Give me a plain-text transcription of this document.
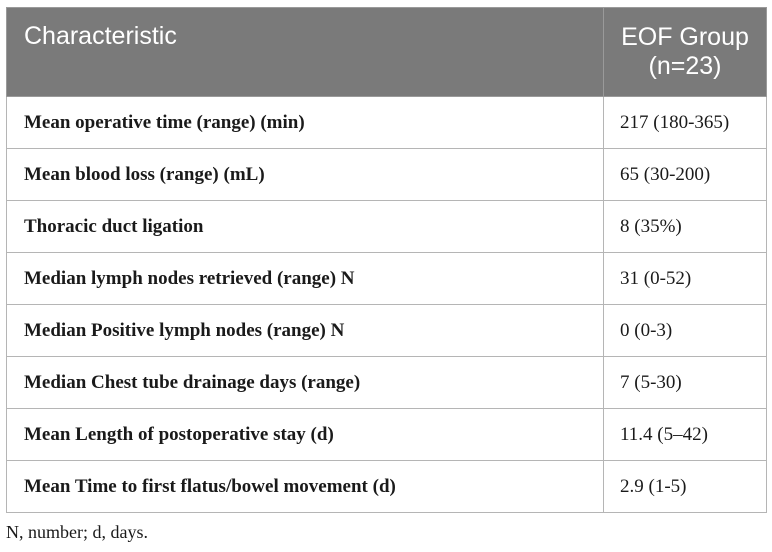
Characteristic	EOF Group
(n=23)

Mean operative time (range) (min)	217 (180-365)
Mean blood loss (range) (mL)	65 (30-200)
Thoracic duct ligation	8 (35%)
Median lymph nodes retrieved (range) N	31 (0-52)
Median Positive lymph nodes (range) N	0 (0-3)
Median Chest tube drainage days (range)	7 (5-30)
Mean Length of postoperative stay (d)	11.4 (5–42)
Mean Time to first flatus/bowel movement (d)	2.9 (1-5)
N, number; d, days.
